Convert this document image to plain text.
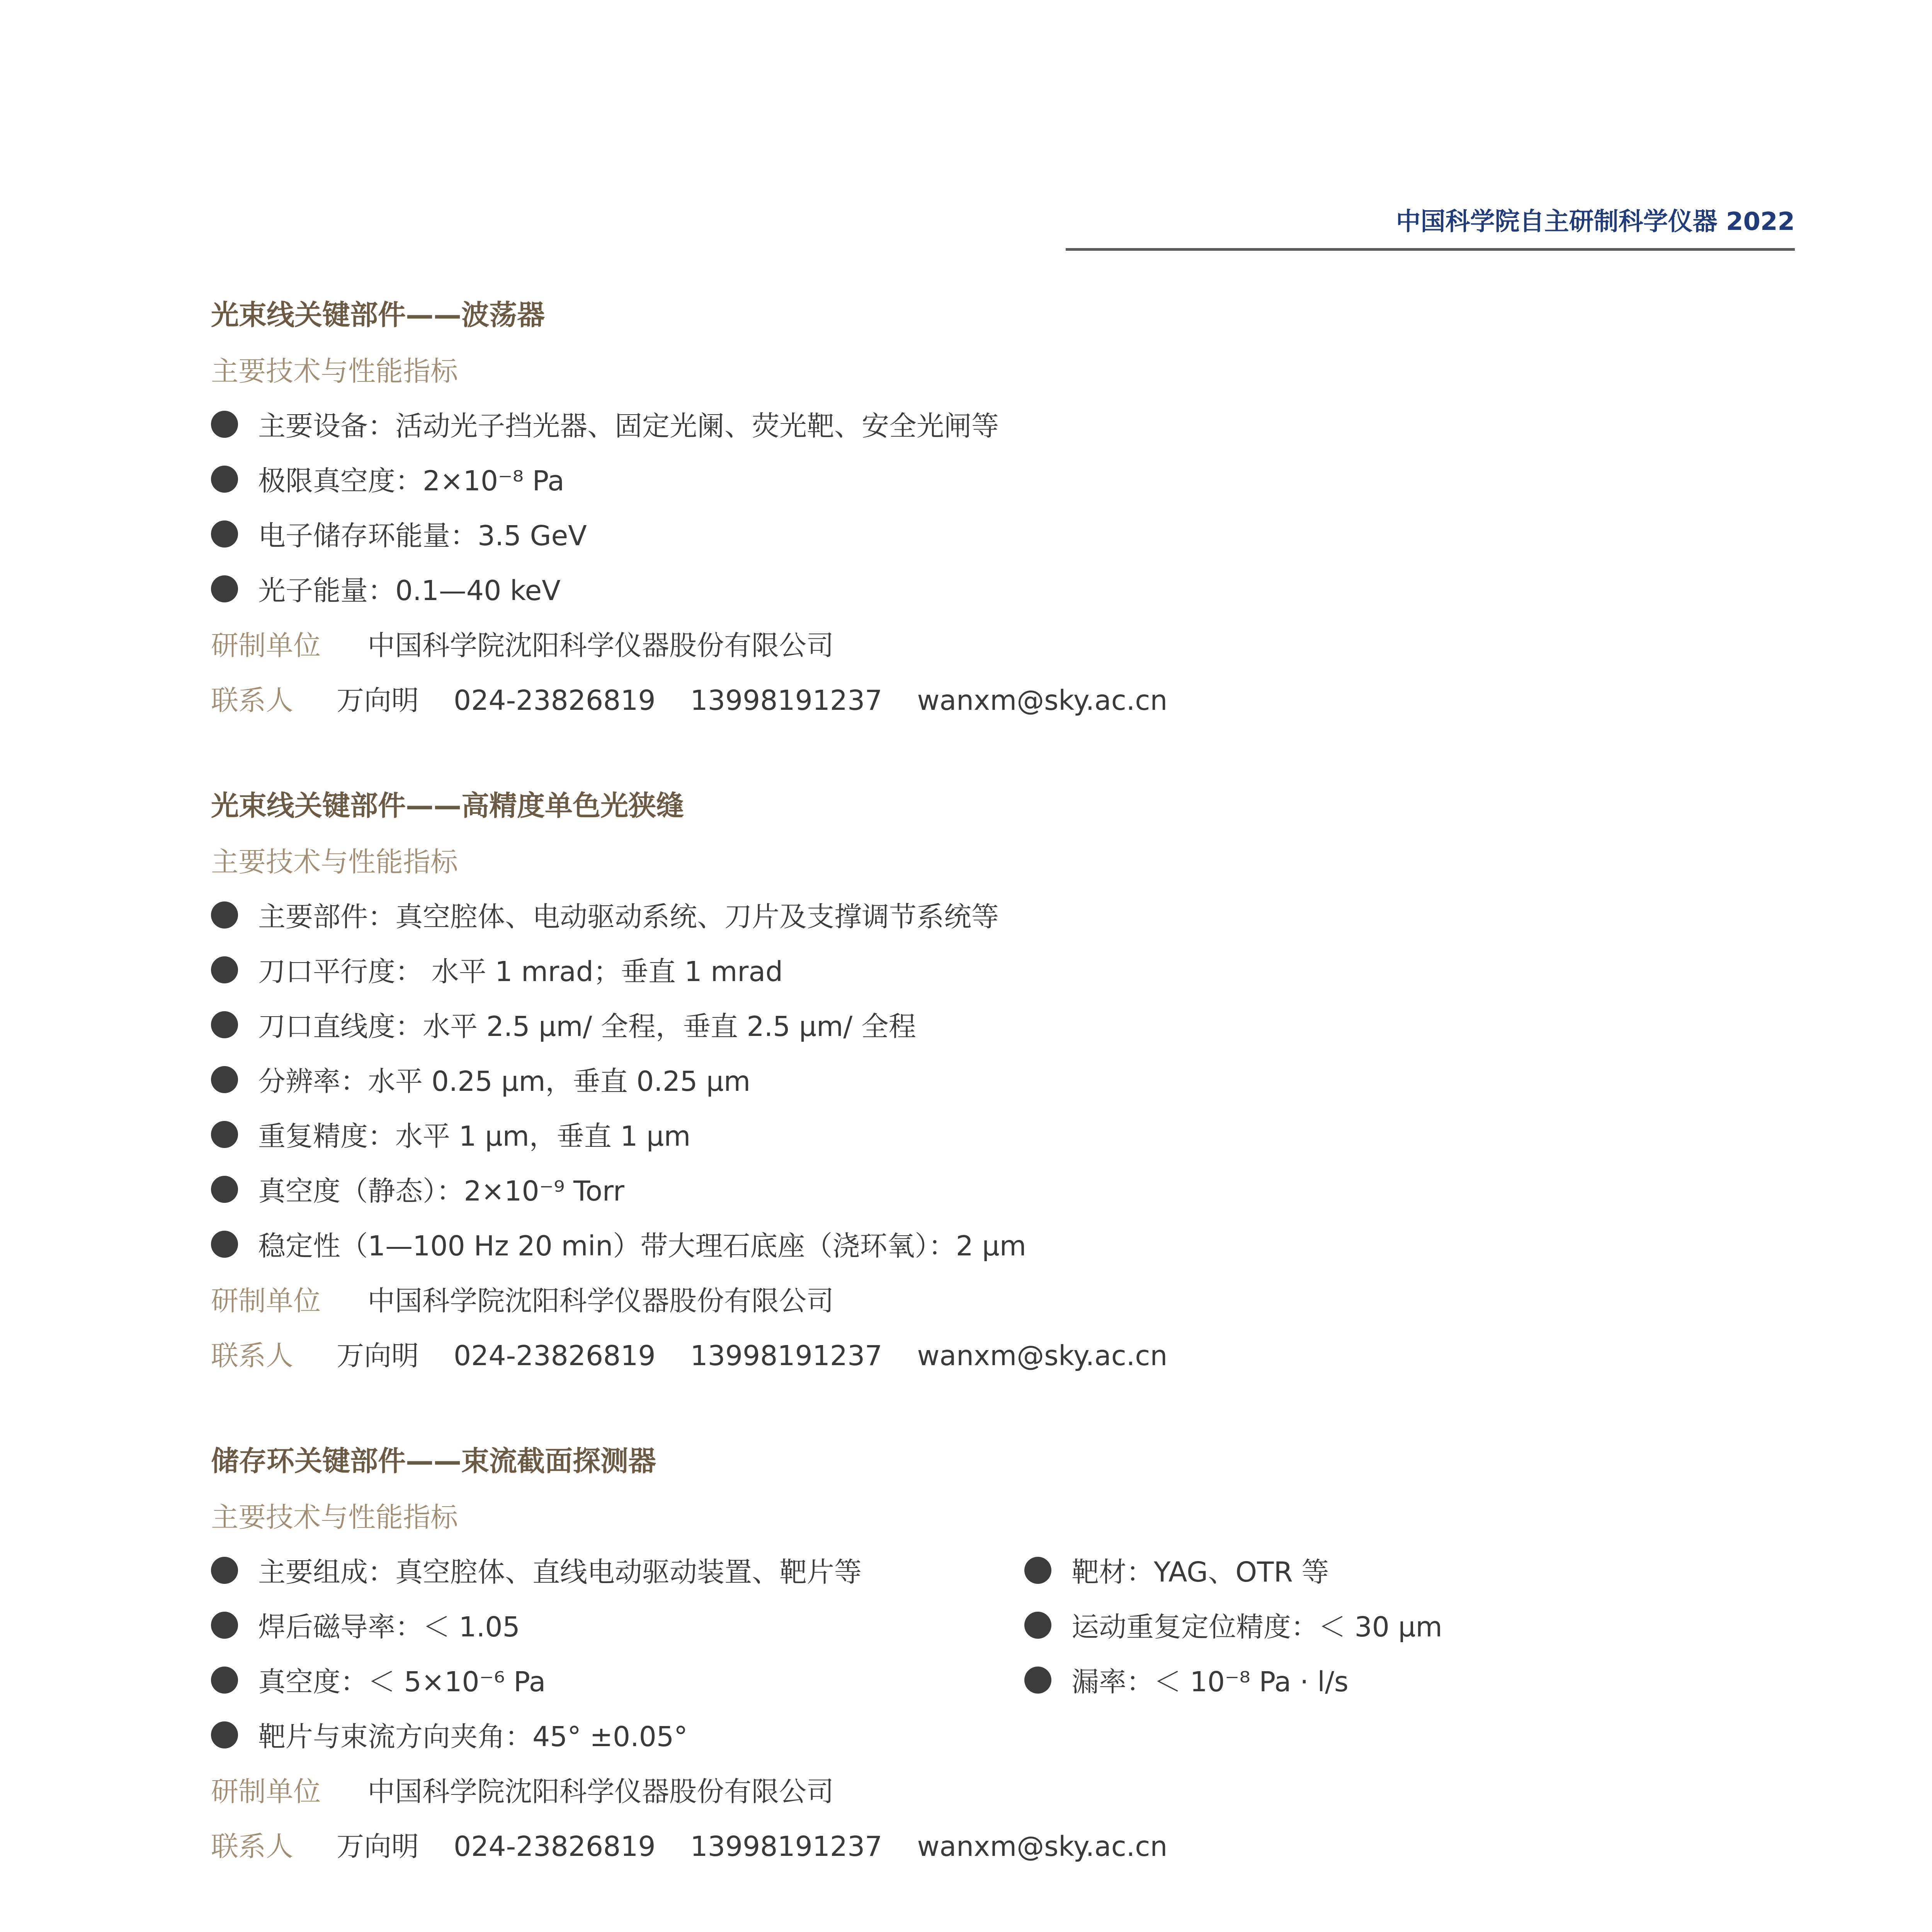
中国科学院自主研制科学仪器 2022
光束线关键部件——波荡器
主要技术与性能指标
主要设备：活动光子挡光器、固定光阑、荧光靶、安全光闸等
极限真空度：2×10⁻⁸ Pa
电子储存环能量：3.5 GeV
光子能量：0.1—40 keV
研制单位 中国科学院沈阳科学仪器股份有限公司
联系人 万向明 024-23826819 13998191237 wanxm@sky.ac.cn
光束线关键部件——高精度单色光狭缝
主要技术与性能指标
主要部件：真空腔体、电动驱动系统、刀片及支撑调节系统等
刀口平行度： 水平 1 mrad；垂直 1 mrad
刀口直线度：水平 2.5 μm/ 全程，垂直 2.5 μm/ 全程
分辨率：水平 0.25 μm，垂直 0.25 μm
重复精度：水平 1 μm，垂直 1 μm
真空度（静态）：2×10⁻⁹ Torr
稳定性（1—100 Hz 20 min）带大理石底座（浇环氧）：2 μm
研制单位 中国科学院沈阳科学仪器股份有限公司
联系人 万向明 024-23826819 13998191237 wanxm@sky.ac.cn
储存环关键部件——束流截面探测器
主要技术与性能指标
主要组成：真空腔体、直线电动驱动装置、靶片等	靶材：YAG、OTR 等
焊后磁导率：＜ 1.05	运动重复定位精度：＜ 30 μm
真空度：＜ 5×10⁻⁶ Pa	漏率：＜ 10⁻⁸ Pa · l/s
靶片与束流方向夹角：45° ±0.05°
研制单位 中国科学院沈阳科学仪器股份有限公司
联系人 万向明 024-23826819 13998191237 wanxm@sky.ac.cn
